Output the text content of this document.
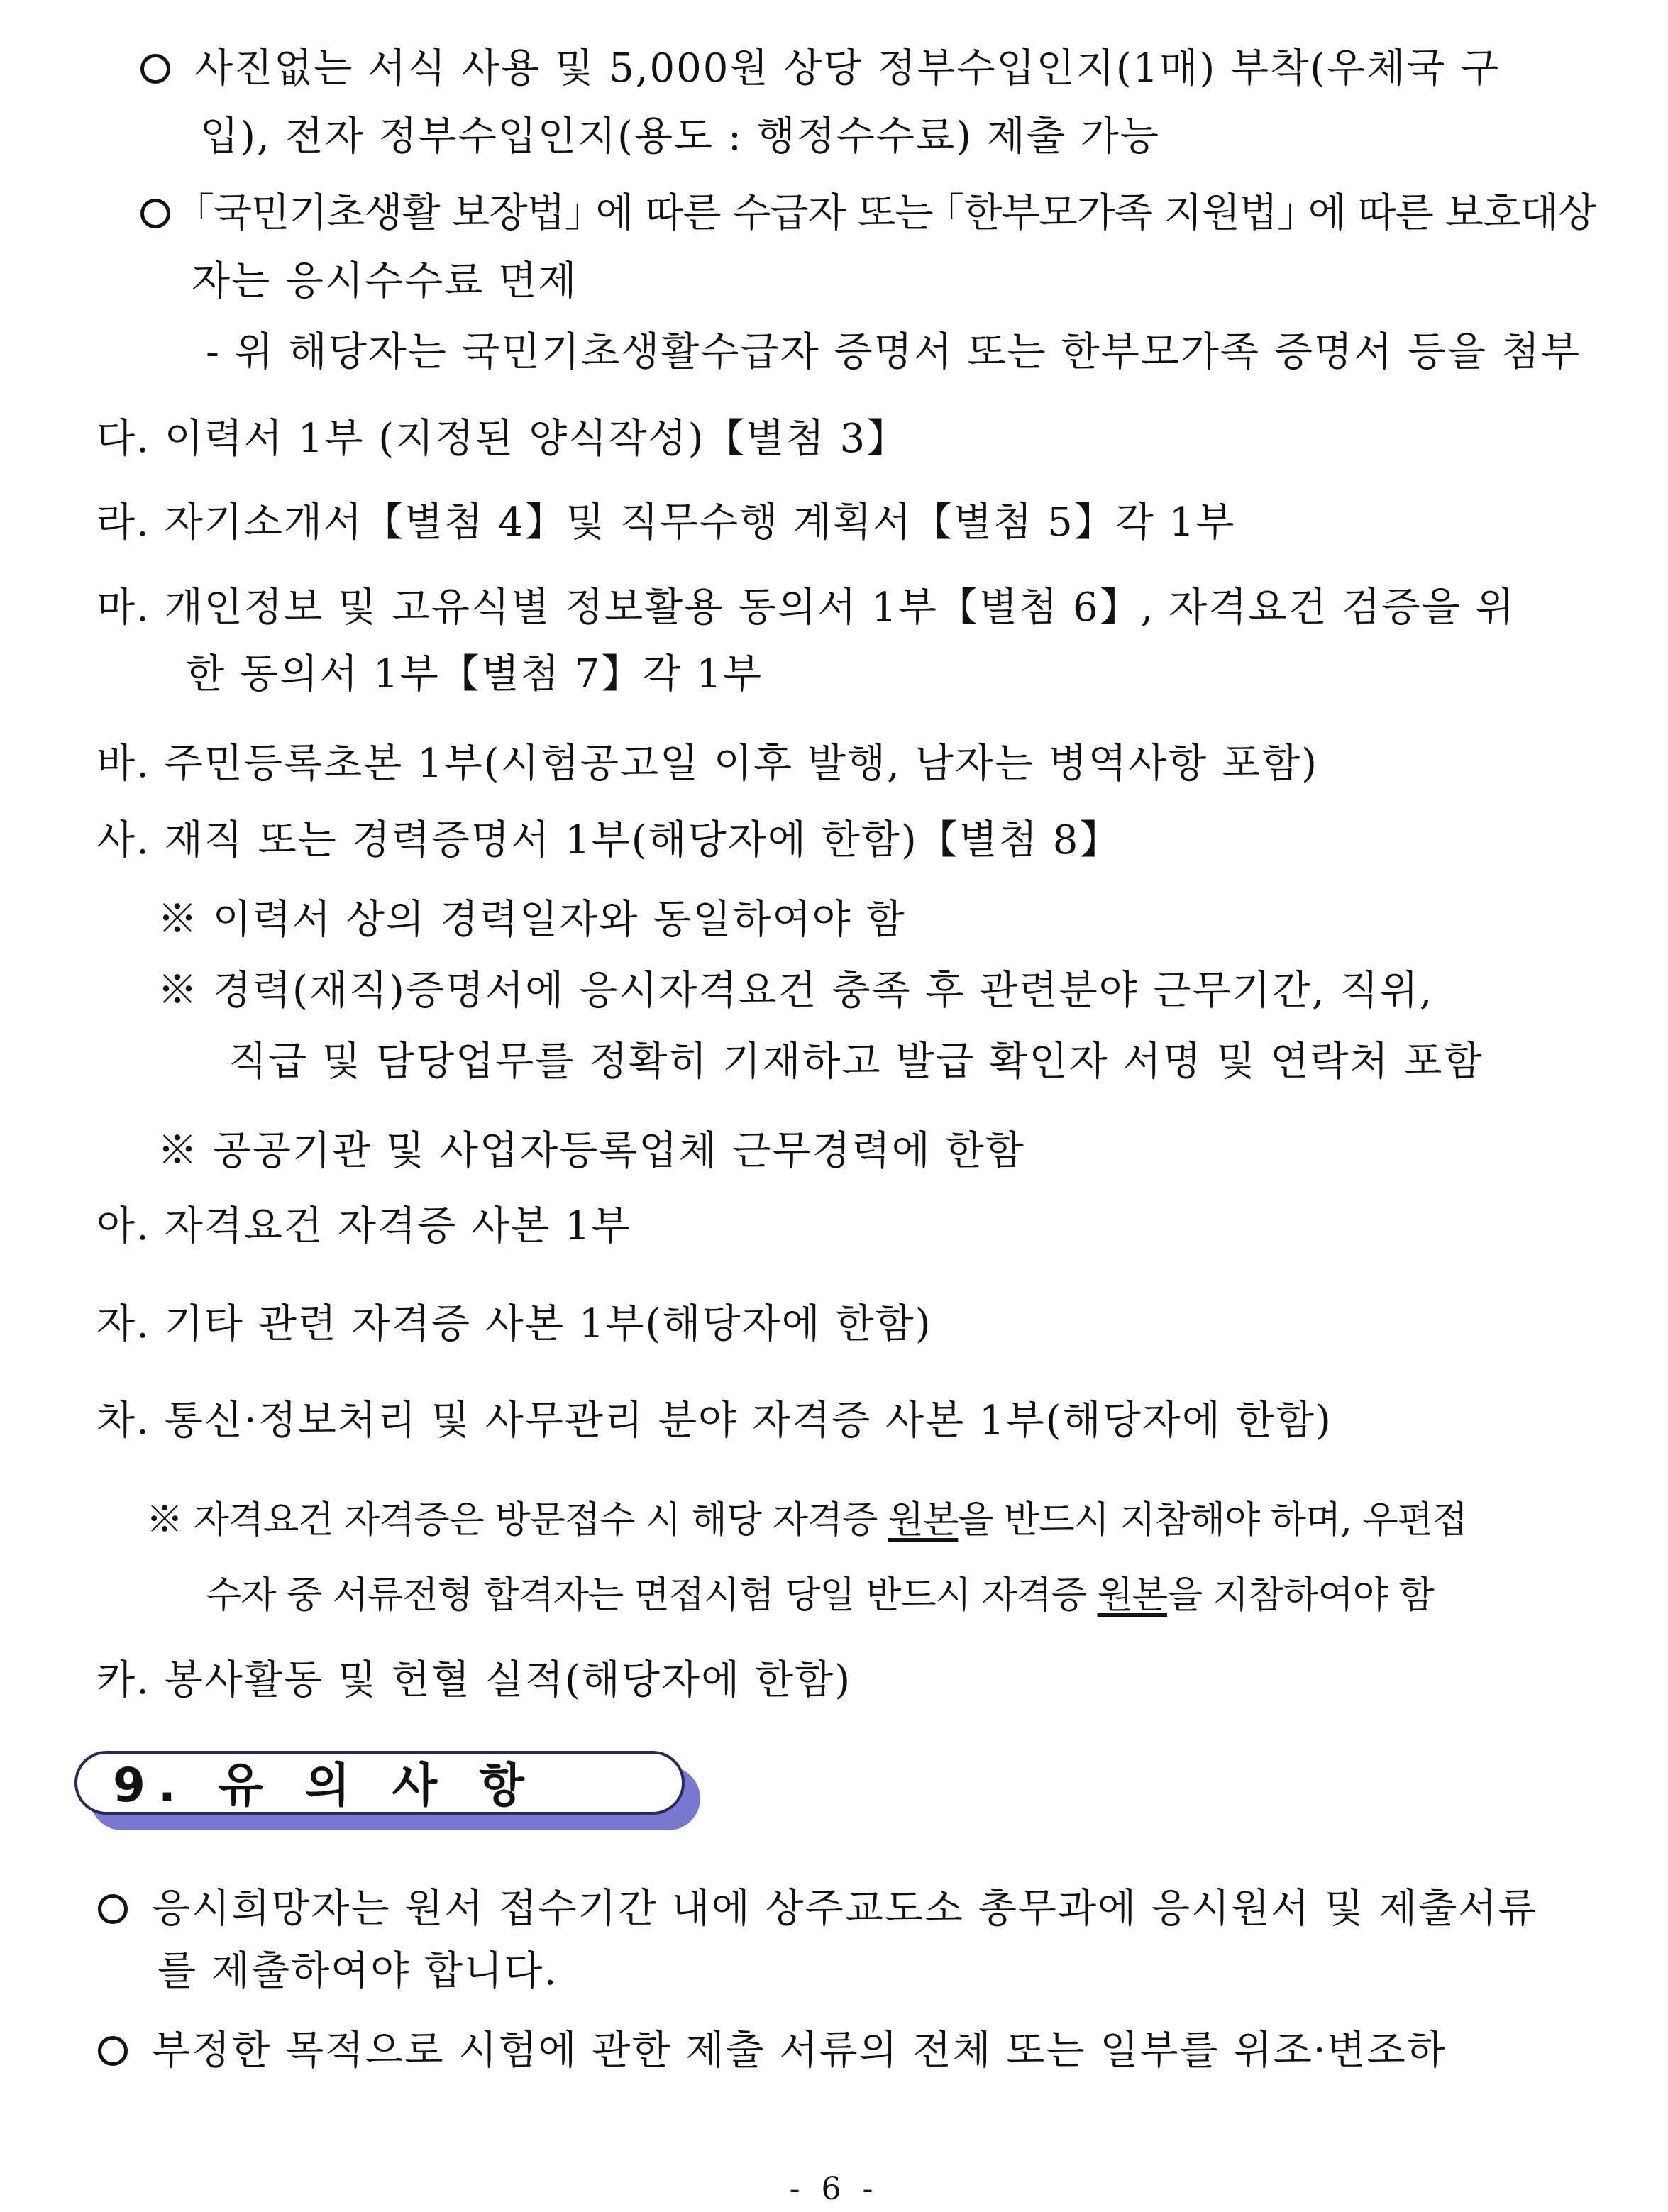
사진없는 서식 사용 및 5,000원 상당 정부수입인지(1매) 부착(우체국 구
입), 전자 정부수입인지(용도 : 행정수수료) 제출 가능
｢국민기초생활 보장법｣ 에 따른 수급자 또는 ｢한부모가족 지원법｣ 에 따른 보호대상
자는 응시수수료 면제
- 위 해당자는 국민기초생활수급자 증명서 또는 한부모가족 증명서 등을 첨부
다. 이력서 1부 (지정된 양식작성)【별첨 3】
라. 자기소개서【별첨 4】및 직무수행 계획서【별첨 5】각 1부
마. 개인정보 및 고유식별 정보활용 동의서 1부【별첨 6】, 자격요건 검증을 위
한 동의서 1부【별첨 7】각 1부
바. 주민등록초본 1부(시험공고일 이후 발행, 남자는 병역사항 포함)
사. 재직 또는 경력증명서 1부(해당자에 한함)【별첨 8】
※ 이력서 상의 경력일자와 동일하여야 함
※ 경력(재직)증명서에 응시자격요건 충족 후 관련분야 근무기간, 직위,
직급 및 담당업무를 정확히 기재하고 발급 확인자 서명 및 연락처 포함
※ 공공기관 및 사업자등록업체 근무경력에 한함
아. 자격요건 자격증 사본 1부
자. 기타 관련 자격증 사본 1부(해당자에 한함)
차. 통신·정보처리 및 사무관리 분야 자격증 사본 1부(해당자에 한함)
※ 자격요건 자격증은 방문접수 시 해당 자격증 원본을 반드시 지참해야 하며, 우편접
수자 중 서류전형 합격자는 면접시험 당일 반드시 자격증 원본을 지참하여야 함
카. 봉사활동 및 헌혈 실적(해당자에 한함)
9. 유 의 사 항
응시희망자는 원서 접수기간 내에 상주교도소 총무과에 응시원서 및 제출서류
를 제출하여야 합니다.
부정한 목적으로 시험에 관한 제출 서류의 전체 또는 일부를 위조·변조하
- 6 -
